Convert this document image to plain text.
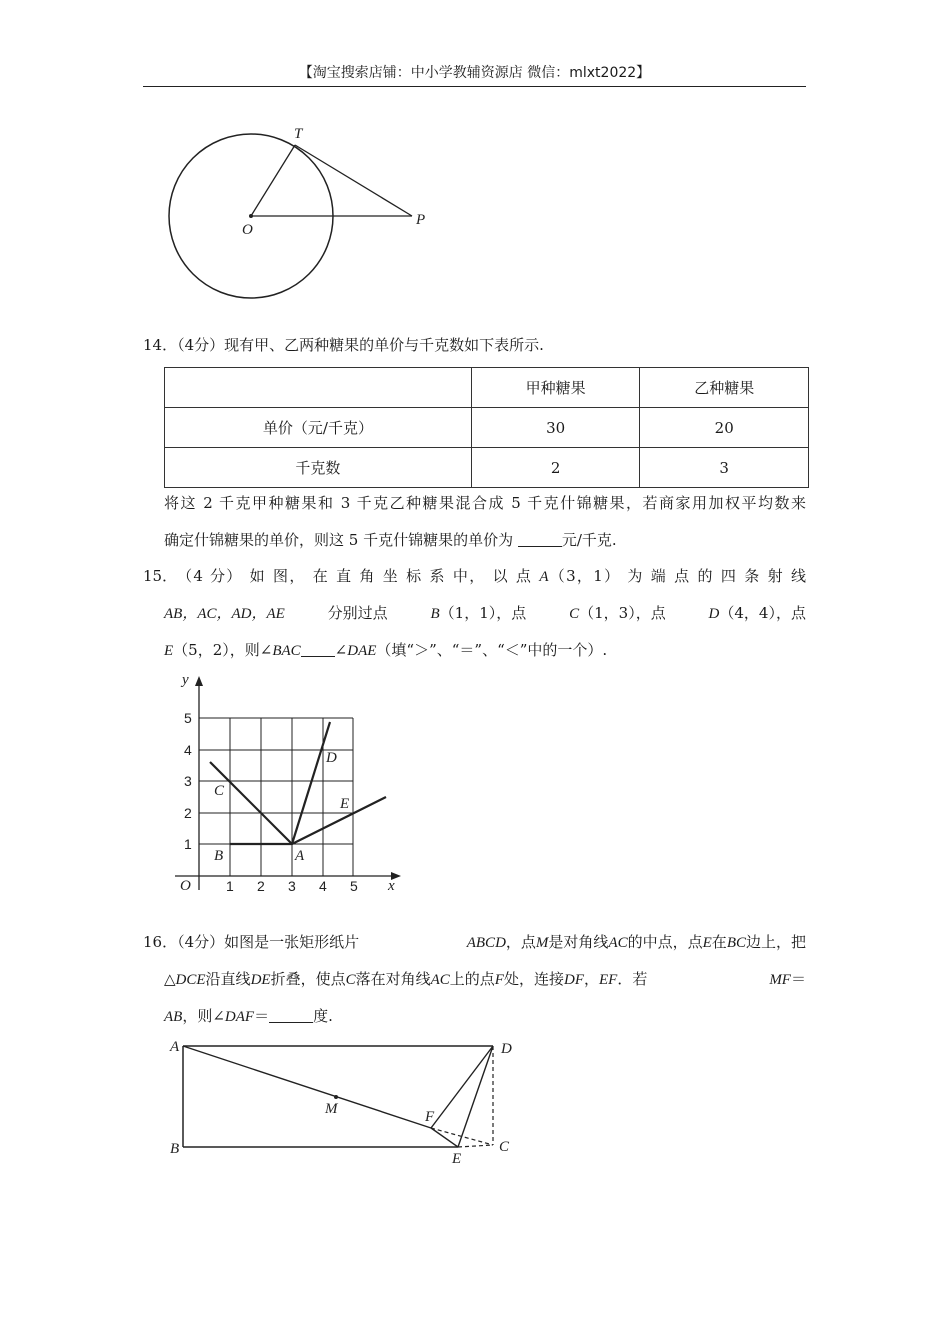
【淘宝搜索店铺：中小学教辅资源店 微信：mlxt2022】
T
O
P
14．（4分）现有甲、乙两种糖果的单价与千克数如下表所示.
	甲种糖果	乙种糖果
单价（元/千克）	30	20
千克数	2	3
将这 2 千克甲种糖果和 3 千克乙种糖果混合成 5 千克什锦糖果，若商家用加权平均数来
确定什锦糖果的单价，则这 5 千克什锦糖果的单价为	元/千克.
15． （4 分） 如 图， 在 直 角 坐 标 系 中， 以 点 A（3，1） 为 端 点 的 四 条 射 线
AB，AC，AD，AE	分别过点	B（1，1），点	C（1，3），点	D（4，4），点
E（5，2），则∠BAC ∠DAE（填“＞”、“＝”、“＜”中的一个）.
y
x
O	1 2 3 4 5
1
2
3
4
5
A
B
C
D
E
16．（4分）如图是一张矩形纸片	ABCD，点M是对角线AC的中点，点E在BC边上，把
△DCE沿直线DE折叠，使点C落在对角线AC上的点F处，连接DF，EF．若	MF＝
AB，则∠DAF＝	度.
A
B
D
C
M	F
E
